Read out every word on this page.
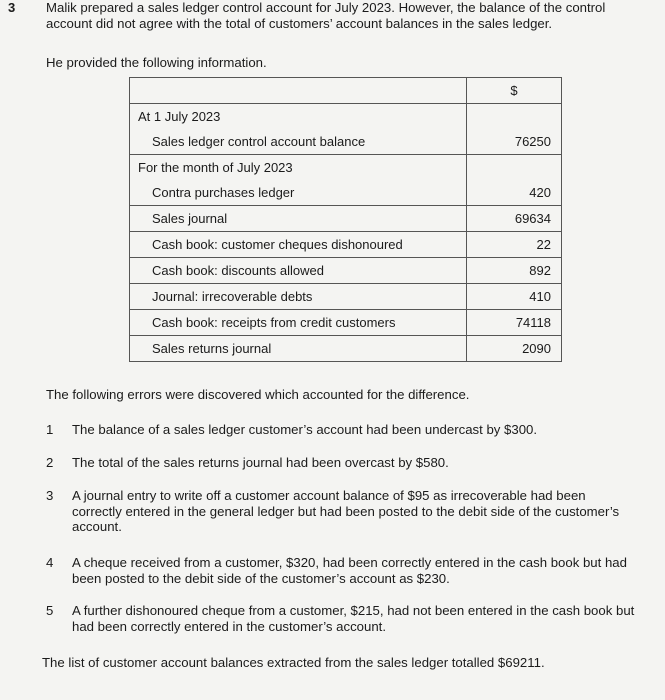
3 Malik prepared a sales ledger control account for July 2023. However, the balance of the control account did not agree with the total of customers’ account balances in the sales ledger.
He provided the following information.
	$
At 1 July 2023	
Sales ledger control account balance	76250
For the month of July 2023	
Contra purchases ledger	420
Sales journal	69634
Cash book: customer cheques dishonoured	22
Cash book: discounts allowed	892
Journal: irrecoverable debts	410
Cash book: receipts from credit customers	74118
Sales returns journal	2090
The following errors were discovered which accounted for the difference.
1 The balance of a sales ledger customer’s account had been undercast by $300.
2 The total of the sales returns journal had been overcast by $580.
3 A journal entry to write off a customer account balance of $95 as irrecoverable had been correctly entered in the general ledger but had been posted to the debit side of the customer’s account.
4 A cheque received from a customer, $320, had been correctly entered in the cash book but had been posted to the debit side of the customer’s account as $230.
5 A further dishonoured cheque from a customer, $215, had not been entered in the cash book but had been correctly entered in the customer’s account.
The list of customer account balances extracted from the sales ledger totalled $69211.
